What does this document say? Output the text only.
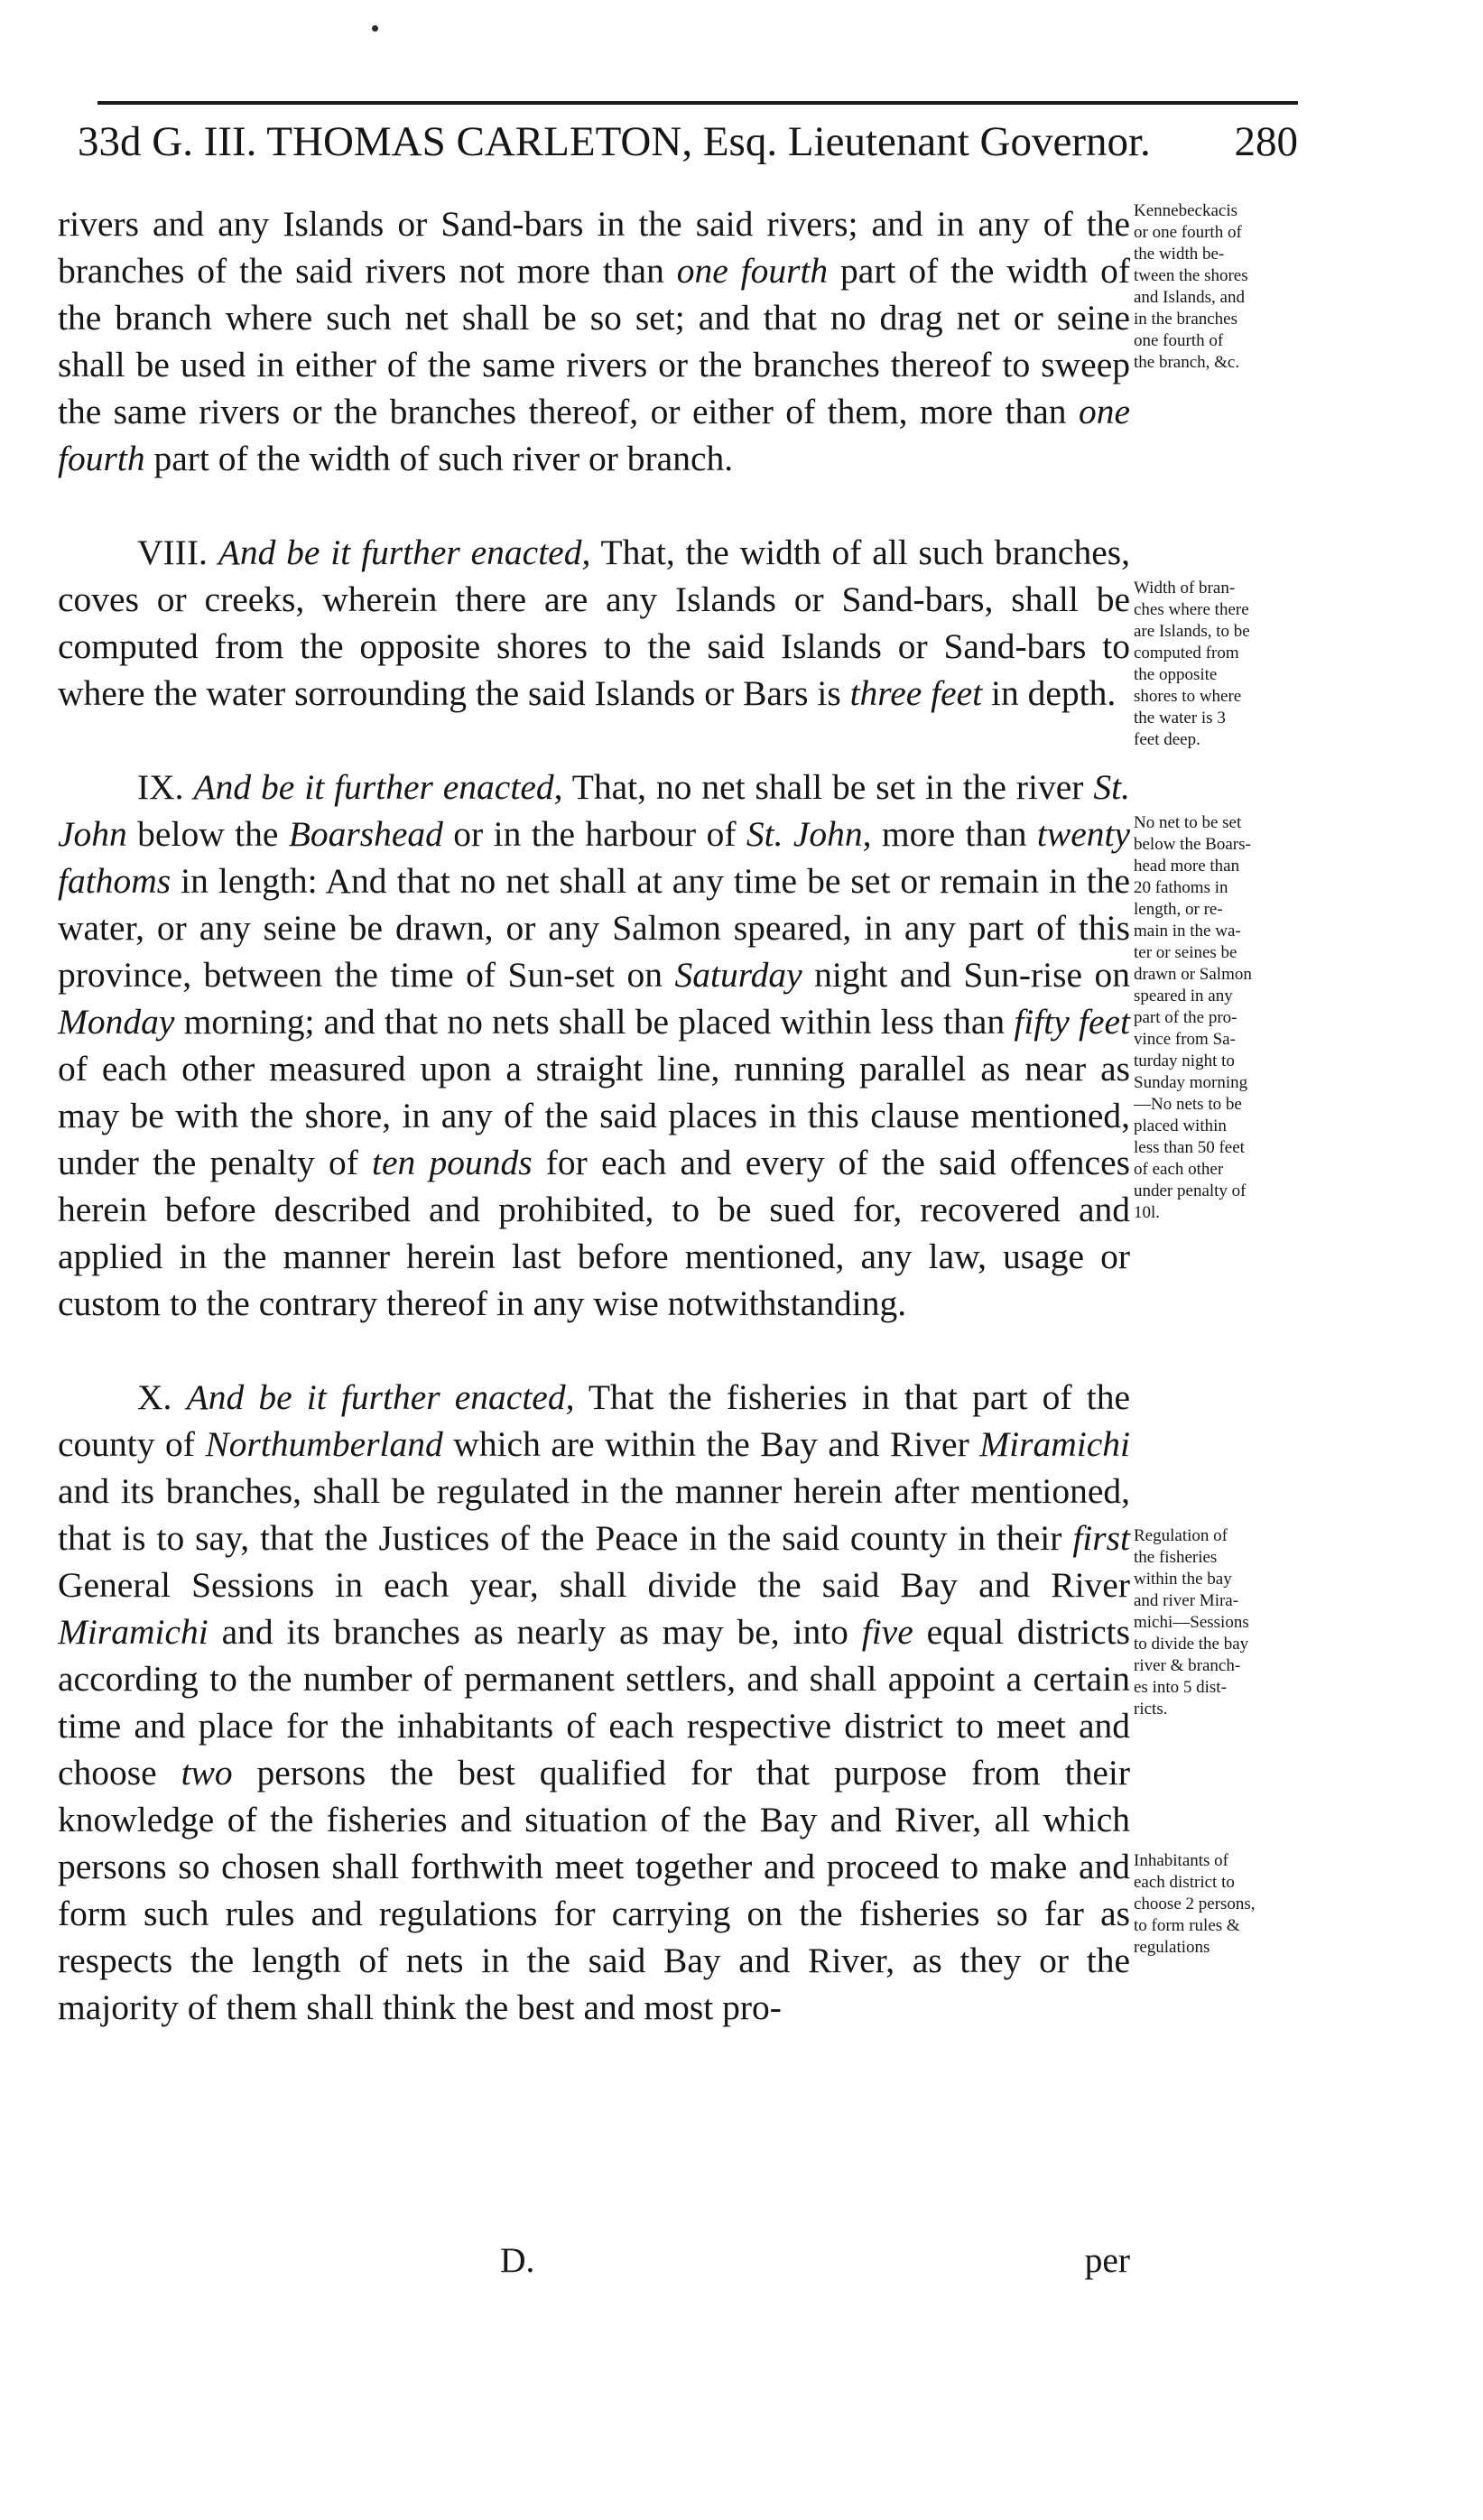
33d G. III. THOMAS CARLETON, Esq. Lieutenant Governor. 280

rivers and any Islands or Sand-bars in the said rivers; and in any of the branches of the said rivers not more than one fourth part of the width of the branch where such net shall be so set; and that no drag net or seine shall be used in either of the same rivers or the branches thereof to sweep the same rivers or the branches thereof, or either of them, more than one fourth part of the width of such river or branch.

VIII. And be it further enacted, That, the width of all such branches, coves or creeks, wherein there are any Islands or Sand-bars, shall be computed from the opposite shores to the said Islands or Sand-bars to where the water sorrounding the said Islands or Bars is three feet in depth.

IX. And be it further enacted, That, no net shall be set in the river St. John below the Boarshead or in the harbour of St. John, more than twenty fathoms in length: And that no net shall at any time be set or remain in the water, or any seine be drawn, or any Salmon speared, in any part of this province, between the time of Sun-set on Saturday night and Sun-rise on Monday morning; and that no nets shall be placed within less than fifty feet of each other measured upon a straight line, running parallel as near as may be with the shore, in any of the said places in this clause mentioned, under the penalty of ten pounds for each and every of the said offences herein before described and prohibited, to be sued for, recovered and applied in the manner herein last before mentioned, any law, usage or custom to the contrary thereof in any wise notwithstanding.

X. And be it further enacted, That the fisheries in that part of the county of Northumberland which are within the Bay and River Miramichi and its branches, shall be regulated in the manner herein after mentioned, that is to say, that the Justices of the Peace in the said county in their first General Sessions in each year, shall divide the said Bay and River Miramichi and its branches as nearly as may be, into five equal districts according to the number of permanent settlers, and shall appoint a certain time and place for the inhabitants of each respective district to meet and choose two persons the best qualified for that purpose from their knowledge of the fisheries and situation of the Bay and River, all which persons so chosen shall forthwith meet together and proceed to make and form such rules and regulations for carrying on the fisheries so far as respects the length of nets in the said Bay and River, as they or the majority of them shall think the best and most pro-

D.	per
Kennebeckacis
or one fourth of
the width be-
tween the shores
and Islands, and
in the branches
one fourth of
the branch, &c.
Width of bran-
ches where there
are Islands, to be
computed from
the opposite
shores to where
the water is 3
feet deep.
No net to be set
below the Boars-
head more than
20 fathoms in
length, or re-
main in the wa-
ter or seines be
drawn or Salmon
speared in any
part of the pro-
vince from Sa-
turday night to
Sunday morning
—No nets to be
placed within
less than 50 feet
of each other
under penalty of
10l.
Regulation of
the fisheries
within the bay
and river Mira-
michi—Sessions
to divide the bay
river & branch-
es into 5 dist-
ricts.
Inhabitants of
each district to
choose 2 persons,
to form rules &
regulations
